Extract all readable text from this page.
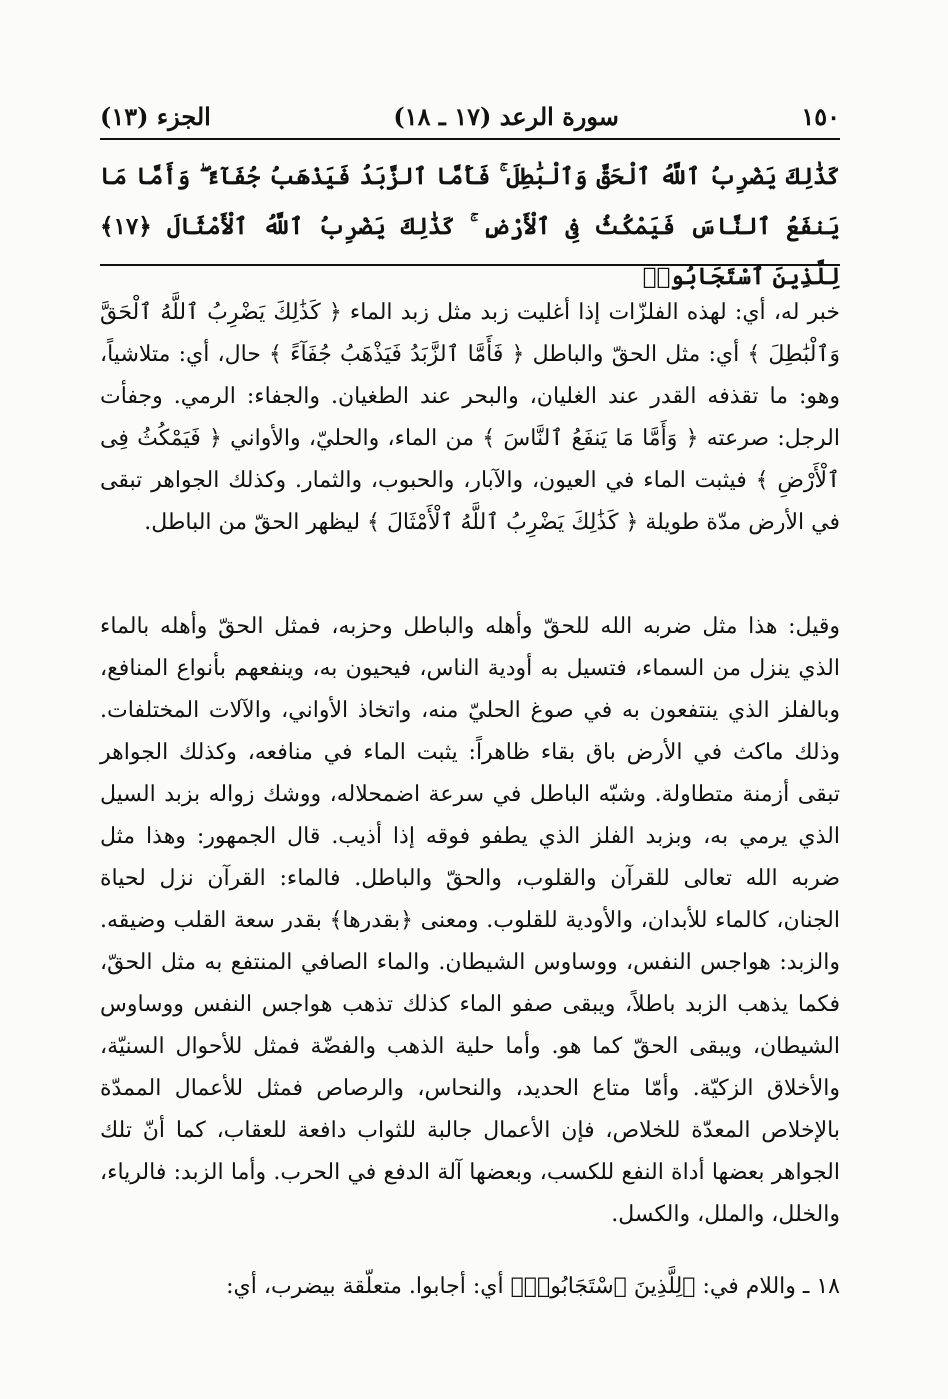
١٥٠
سورة الرعد (١٧ ـ ١٨)
الجزء (١٣)
كَذَٰلِكَ يَضْرِبُ ٱللَّهُ ٱلْحَقَّ وَٱلْبَٰطِلَ ۚ فَأَمَّا ٱلزَّبَدُ فَيَذْهَبُ جُفَآءً ۖ وَأَمَّا مَا يَنفَعُ ٱلنَّاسَ فَيَمْكُثُ فِى ٱلْأَرْضِ ۚ كَذَٰلِكَ يَضْرِبُ ٱللَّهُ ٱلْأَمْثَالَ ﴿١٧﴾ لِلَّذِينَ ٱسْتَجَابُوا۟

خبر له، أي: لهذه الفلزّات إذا أغليت زبد مثل زبد الماء ﴿ كَذَٰلِكَ يَضْرِبُ ٱللَّهُ ٱلْحَقَّ وَٱلْبَٰطِلَ ﴾ أي: مثل الحقّ والباطل ﴿ فَأَمَّا ٱلزَّبَدُ فَيَذْهَبُ جُفَآءً ﴾ حال، أي: متلاشياً، وهو: ما تقذفه القدر عند الغليان، والبحر عند الطغيان. والجفاء: الرمي. وجفأت الرجل: صرعته ﴿ وَأَمَّا مَا يَنفَعُ ٱلنَّاسَ ﴾ من الماء، والحليّ، والأواني ﴿ فَيَمْكُثُ فِى ٱلْأَرْضِ ﴾ فيثبت الماء في العيون، والآبار، والحبوب، والثمار. وكذلك الجواهر تبقى في الأرض مدّة طويلة ﴿ كَذَٰلِكَ يَضْرِبُ ٱللَّهُ ٱلْأَمْثَالَ ﴾ ليظهر الحقّ من الباطل.

وقيل: هذا مثل ضربه الله للحقّ وأهله والباطل وحزبه، فمثل الحقّ وأهله بالماء الذي ينزل من السماء، فتسيل به أودية الناس، فيحيون به، وينفعهم بأنواع المنافع، وبالفلز الذي ينتفعون به في صوغ الحليّ منه، واتخاذ الأواني، والآلات المختلفات. وذلك ماكث في الأرض باق بقاء ظاهراً: يثبت الماء في منافعه، وكذلك الجواهر تبقى أزمنة متطاولة. وشبّه الباطل في سرعة اضمحلاله، ووشك زواله بزبد السيل الذي يرمي به، وبزبد الفلز الذي يطفو فوقه إذا أذيب. قال الجمهور: وهذا مثل ضربه الله تعالى للقرآن والقلوب، والحقّ والباطل. فالماء: القرآن نزل لحياة الجنان، كالماء للأبدان، والأودية للقلوب. ومعنى ﴿بقدرها﴾ بقدر سعة القلب وضيقه. والزبد: هواجس النفس، ووساوس الشيطان. والماء الصافي المنتفع به مثل الحقّ، فكما يذهب الزبد باطلاً، ويبقى صفو الماء كذلك تذهب هواجس النفس ووساوس الشيطان، ويبقى الحقّ كما هو. وأما حلية الذهب والفضّة فمثل للأحوال السنيّة، والأخلاق الزكيّة. وأمّا متاع الحديد، والنحاس، والرصاص فمثل للأعمال الممدّة بالإخلاص المعدّة للخلاص، فإن الأعمال جالبة للثواب دافعة للعقاب، كما أنّ تلك الجواهر بعضها أداة النفع للكسب، وبعضها آلة الدفع في الحرب. وأما الزبد: فالرياء، والخلل، والملل، والكسل.

١٨ ـ واللام في: ﴿لِلَّذِينَ ٱسْتَجَابُوا۟﴾ أي: أجابوا. متعلّقة بيضرب، أي:
